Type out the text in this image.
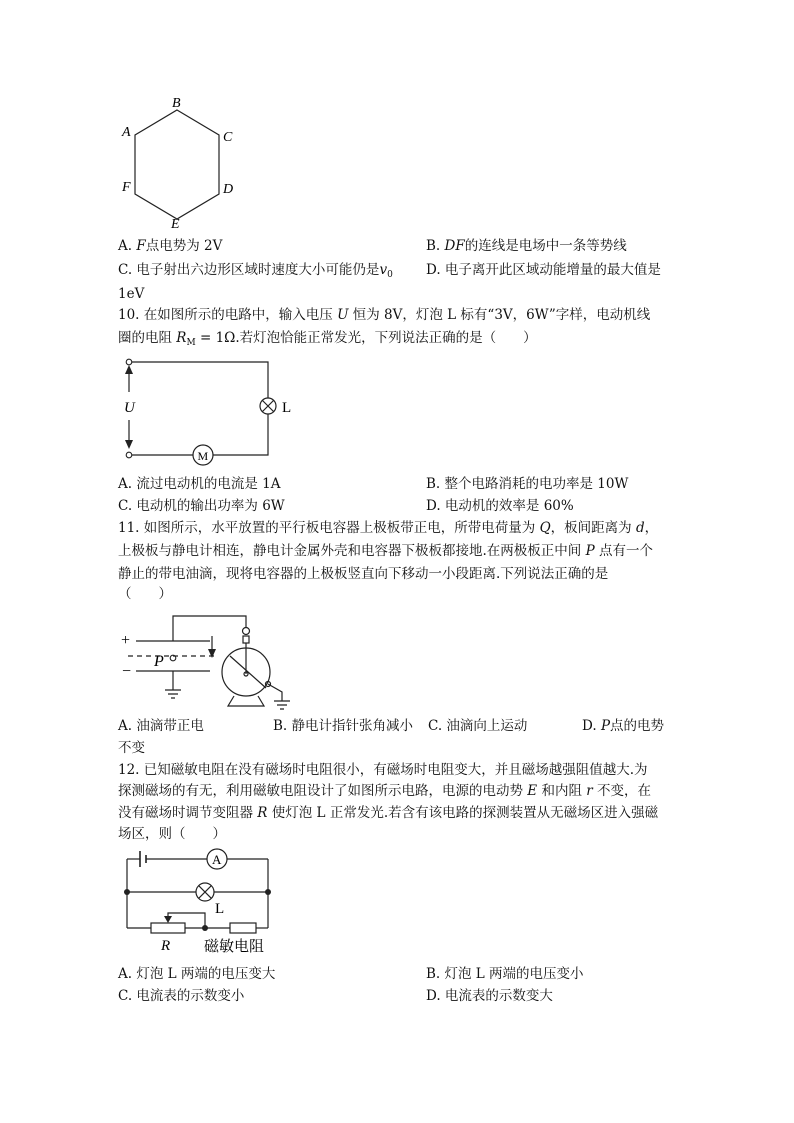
B
A	C
F	D
E
A. F点电势为 2V	B. DF的连线是电场中一条等势线
C. 电子射出六边形区域时速度大小可能仍是$v_0$ D. 电子离开此区域动能增量的最大值是
1eV
10. 在如图所示的电路中，输入电压 U 恒为 8V，灯泡 L 标有“3V，6W”字样，电动机线
圈的电阻 $R_M = 1\Omega$.若灯泡恰能正常发光，下列说法正确的是（　　）
U	L
M
A. 流过电动机的电流是 1A	B. 整个电路消耗的电功率是 10W
C. 电动机的输出功率为 6W	D. 电动机的效率是 60%
11. 如图所示，水平放置的平行板电容器上极板带正电，所带电荷量为 Q，板间距离为 d，
上极板与静电计相连，静电计金属外壳和电容器下极板都接地.在两极板正中间 P 点有一个
静止的带电油滴，现将电容器的上极板竖直向下移动一小段距离.下列说法正确的是
（　　）
+
−
P
A. 油滴带正电	B. 静电计指针张角减小 C. 油滴向上运动	D. P点的电势
不变
12. 已知磁敏电阻在没有磁场时电阻很小，有磁场时电阻变大，并且磁场越强阻值越大.为
探测磁场的有无，利用磁敏电阻设计了如图所示电路，电源的电动势 E 和内阻 r 不变，在
没有磁场时调节变阻器 R 使灯泡 L 正常发光.若含有该电路的探测装置从无磁场区进入强磁
场区，则（　　）
A
L
R 磁敏电阻
A. 灯泡 L 两端的电压变大	B. 灯泡 L 两端的电压变小
C. 电流表的示数变小	D. 电流表的示数变大
